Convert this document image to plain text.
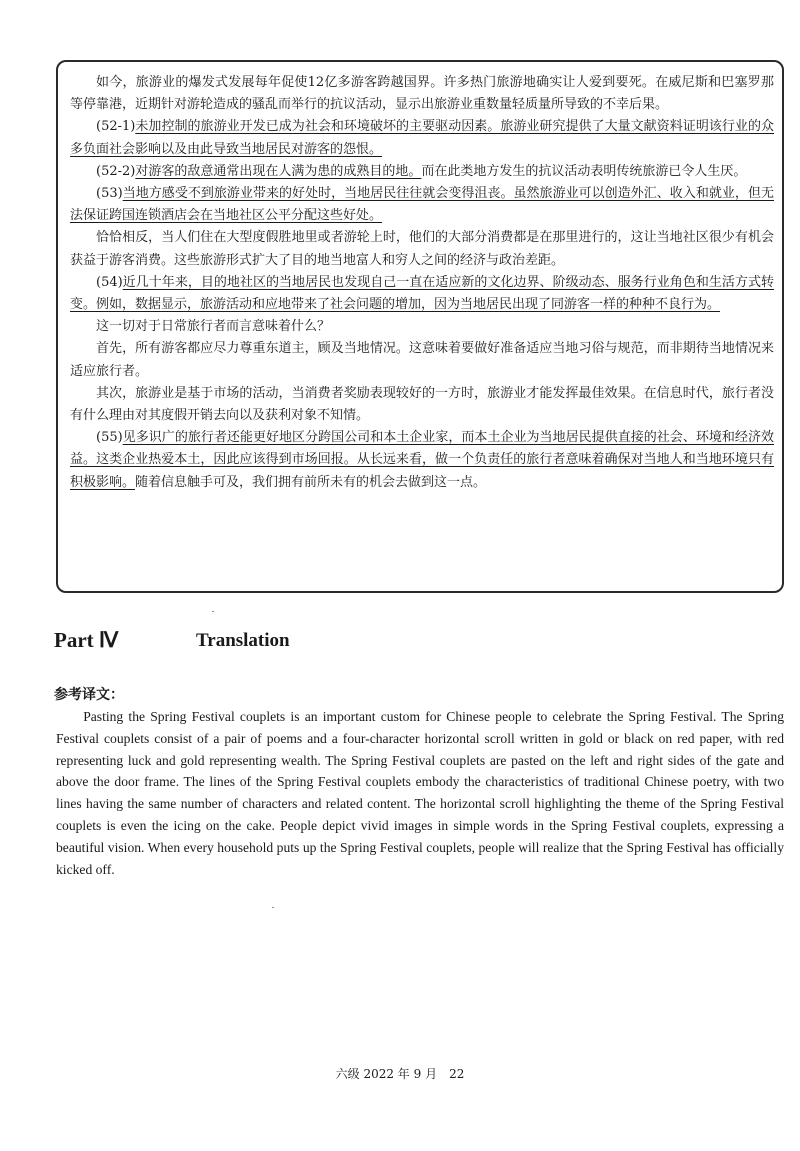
如今，旅游业的爆发式发展每年促使12亿多游客跨越国界。许多热门旅游地确实让人爱到要死。在威尼斯和巴塞罗那等停靠港，近期针对游轮造成的骚乱而举行的抗议活动，显示出旅游业重数量轻质量所导致的不幸后果。

(52-1)未加控制的旅游业开发已成为社会和环境破坏的主要驱动因素。旅游业研究提供了大量文献资料证明该行业的众多负面社会影响以及由此导致当地居民对游客的怨恨。

(52-2)对游客的敌意通常出现在人满为患的成熟目的地。而在此类地方发生的抗议活动表明传统旅游已令人生厌。

(53)当地方感受不到旅游业带来的好处时，当地居民往往就会变得沮丧。虽然旅游业可以创造外汇、收入和就业，但无法保证跨国连锁酒店会在当地社区公平分配这些好处。

恰恰相反，当人们住在大型度假胜地里或者游轮上时，他们的大部分消费都是在那里进行的，这让当地社区很少有机会获益于游客消费。这些旅游形式扩大了目的地当地富人和穷人之间的经济与政治差距。

(54)近几十年来，目的地社区的当地居民也发现自己一直在适应新的文化边界、阶级动态、服务行业角色和生活方式转变。例如，数据显示，旅游活动和应地带来了社会问题的增加，因为当地居民出现了同游客一样的种种不良行为。

这一切对于日常旅行者而言意味着什么？

首先，所有游客都应尽力尊重东道主，顾及当地情况。这意味着要做好准备适应当地习俗与规范，而非期待当地情况来适应旅行者。

其次，旅游业是基于市场的活动，当消费者奖励表现较好的一方时，旅游业才能发挥最佳效果。在信息时代，旅行者没有什么理由对其度假开销去向以及获利对象不知情。

(55)见多识广的旅行者还能更好地区分跨国公司和本土企业家，而本土企业为当地居民提供直接的社会、环境和经济效益。这类企业热爱本土，因此应该得到市场回报。从长远来看，做一个负责任的旅行者意味着确保对当地人和当地环境只有积极影响。随着信息触手可及，我们拥有前所未有的机会去做到这一点。

Part Ⅳ	Translation
参考译文：

Pasting the Spring Festival couplets is an important custom for Chinese people to celebrate the Spring Festival. The Spring Festival couplets consist of a pair of poems and a four-character horizontal scroll written in gold or black on red paper, with red representing luck and gold representing wealth. The Spring Festival couplets are pasted on the left and right sides of the gate and above the door frame. The lines of the Spring Festival couplets embody the characteristics of traditional Chinese poetry, with two lines having the same number of characters and related content. The horizontal scroll highlighting the theme of the Spring Festival couplets is even the icing on the cake. People depict vivid images in simple words in the Spring Festival couplets, expressing a beautiful vision. When every household puts up the Spring Festival couplets, people will realize that the Spring Festival has officially kicked off.

六级 2022 年 9 月　22
